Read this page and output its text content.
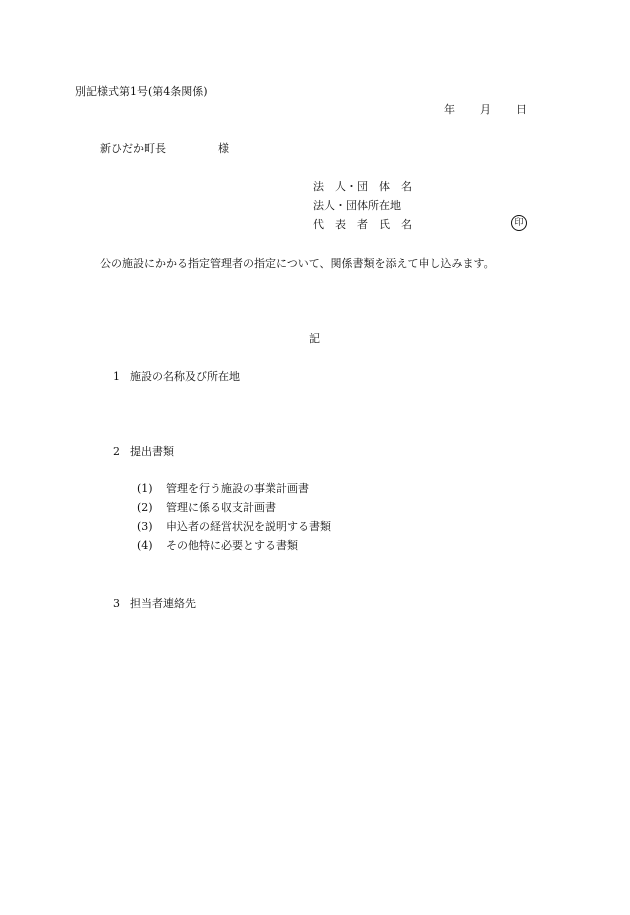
別記様式第1号(第4条関係)
年 月 日
新ひだか町長	様
法　人・団　体　名
法人・団体所在地
代　表　者　氏　名	印
公の施設にかかる指定管理者の指定について、関係書類を添えて申し込みます。
記
1 施設の名称及び所在地
2 提出書類
(1) 管理を行う施設の事業計画書
(2) 管理に係る収支計画書
(3) 申込者の経営状況を説明する書類
(4) その他特に必要とする書類
3 担当者連絡先
